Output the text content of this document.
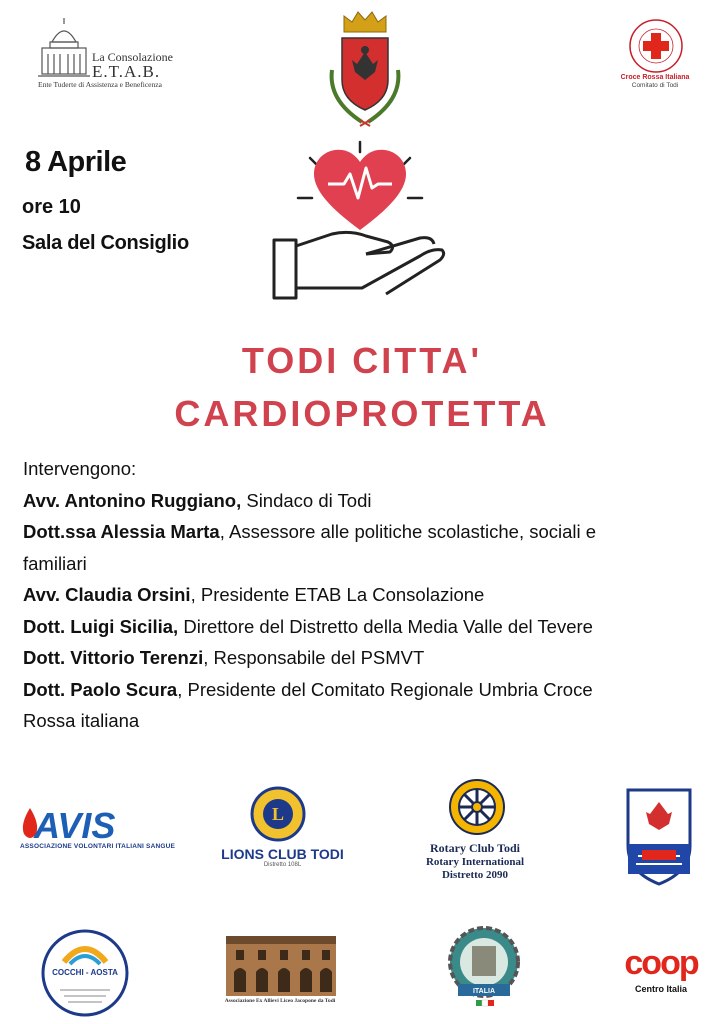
La Consolazione
E.T.A.B.
Ente Tuderte di Assistenza e Beneficenza
Croce Rossa Italiana
Comitato di Todi
8 Aprile
ore 10
Sala del Consiglio
TODI CITTA'
CARDIOPROTETTA
Intervengono:
Avv. Antonino Ruggiano, Sindaco di Todi
Dott.ssa Alessia Marta, Assessore alle politiche scolastiche, sociali e
familiari
Avv. Claudia Orsini, Presidente ETAB La Consolazione
Dott. Luigi Sicilia, Direttore del Distretto della Media Valle del Tevere
Dott. Vittorio Terenzi, Responsabile del PSMVT
Dott. Paolo Scura, Presidente del Comitato Regionale Umbria Croce
Rossa italiana
AVIS
ASSOCIAZIONE VOLONTARI ITALIANI SANGUE
L
LIONS CLUB TODI
Distretto 108L
Rotary Club Todi
Rotary International
Distretto 2090
COCCHI - AOSTA
Associazione Ex Allievi Liceo Jacopone da Todi
ITALIA
coop
Centro Italia
